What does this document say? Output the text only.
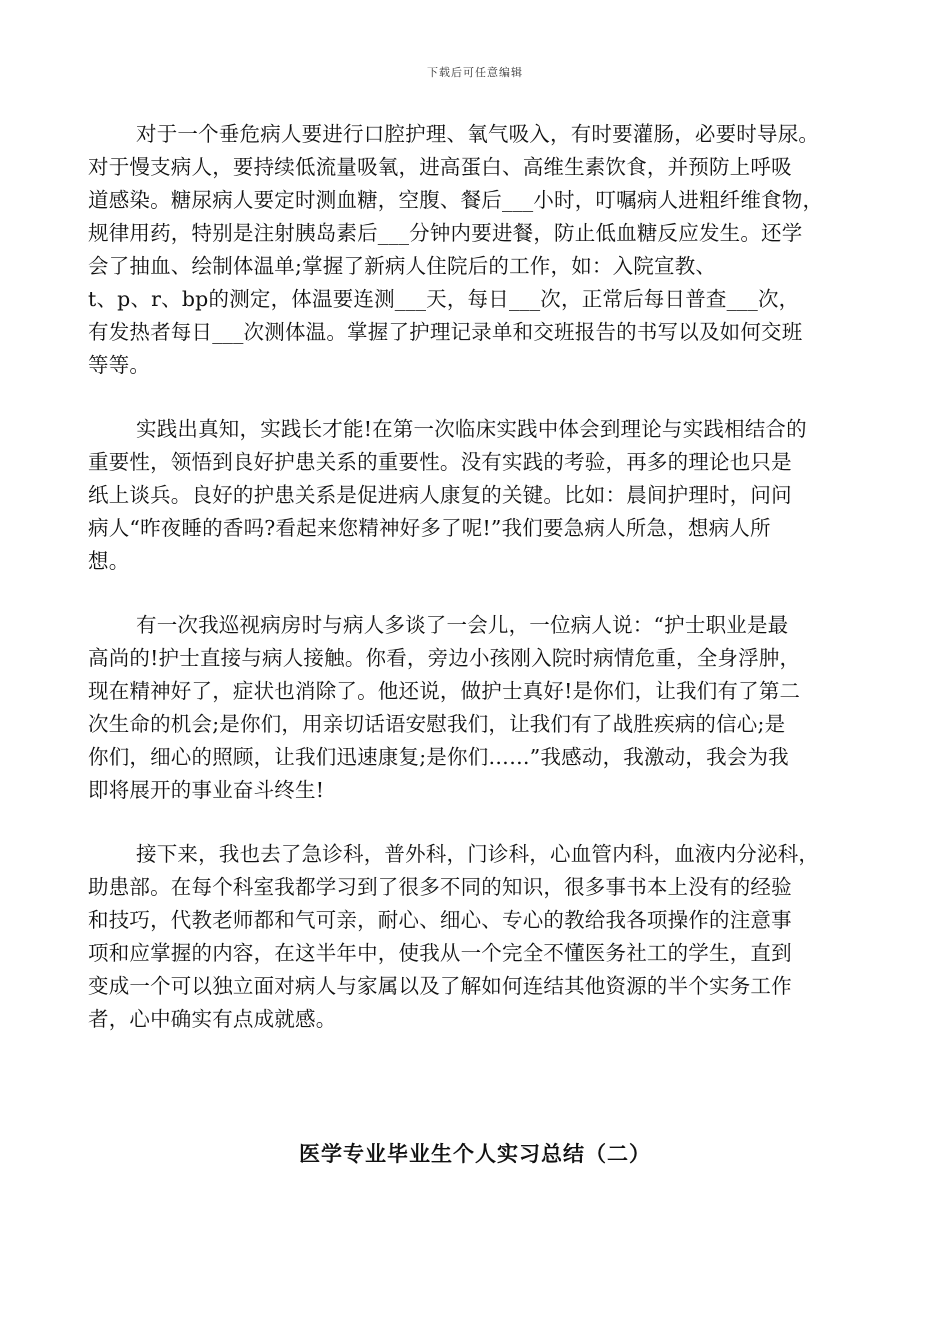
下载后可任意编辑
对于一个垂危病人要进行口腔护理、氧气吸入，有时要灌肠，必要时导尿。
对于慢支病人，要持续低流量吸氧，进高蛋白、高维生素饮食，并预防上呼吸
道感染。糖尿病人要定时测血糖，空腹、餐后___小时，叮嘱病人进粗纤维食物，
规律用药，特别是注射胰岛素后___分钟内要进餐，防止低血糖反应发生。还学
会了抽血、绘制体温单;掌握了新病人住院后的工作，如：入院宣教、
t、p、r、bp的测定，体温要连测___天，每日___次，正常后每日普查___次，
有发热者每日___次测体温。掌握了护理记录单和交班报告的书写以及如何交班
等等。
实践出真知，实践长才能!在第一次临床实践中体会到理论与实践相结合的
重要性，领悟到良好护患关系的重要性。没有实践的考验，再多的理论也只是
纸上谈兵。良好的护患关系是促进病人康复的关键。比如：晨间护理时，问问
病人“昨夜睡的香吗?看起来您精神好多了呢!”我们要急病人所急，想病人所
想。
有一次我巡视病房时与病人多谈了一会儿，一位病人说：“护士职业是最
高尚的!护士直接与病人接触。你看，旁边小孩刚入院时病情危重，全身浮肿，
现在精神好了，症状也消除了。他还说，做护士真好!是你们，让我们有了第二
次生命的机会;是你们，用亲切话语安慰我们，让我们有了战胜疾病的信心;是
你们，细心的照顾，让我们迅速康复;是你们……”我感动，我激动，我会为我
即将展开的事业奋斗终生!
接下来，我也去了急诊科，普外科，门诊科，心血管内科，血液内分泌科，
助患部。在每个科室我都学习到了很多不同的知识，很多事书本上没有的经验
和技巧，代教老师都和气可亲，耐心、细心、专心的教给我各项操作的注意事
项和应掌握的内容，在这半年中，使我从一个完全不懂医务社工的学生，直到
变成一个可以独立面对病人与家属以及了解如何连结其他资源的半个实务工作
者，心中确实有点成就感。
医学专业毕业生个人实习总结（二）
